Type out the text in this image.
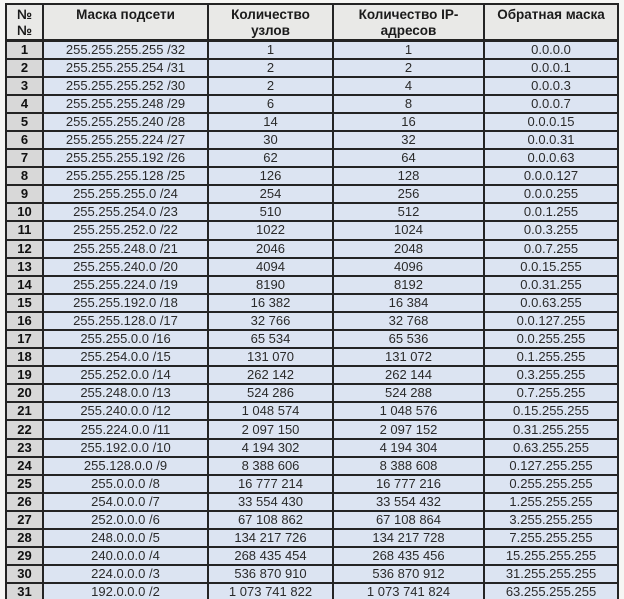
№№	Маска подсети	Количество узлов	Количество IP-адресов	Обратная маска
1	255.255.255.255 /32	1	1	0.0.0.0
2	255.255.255.254 /31	2	2	0.0.0.1
3	255.255.255.252 /30	2	4	0.0.0.3
4	255.255.255.248 /29	6	8	0.0.0.7
5	255.255.255.240 /28	14	16	0.0.0.15
6	255.255.255.224 /27	30	32	0.0.0.31
7	255.255.255.192 /26	62	64	0.0.0.63
8	255.255.255.128 /25	126	128	0.0.0.127
9	255.255.255.0 /24	254	256	0.0.0.255
10	255.255.254.0 /23	510	512	0.0.1.255
11	255.255.252.0 /22	1022	1024	0.0.3.255
12	255.255.248.0 /21	2046	2048	0.0.7.255
13	255.255.240.0 /20	4094	4096	0.0.15.255
14	255.255.224.0 /19	8190	8192	0.0.31.255
15	255.255.192.0 /18	16 382	16 384	0.0.63.255
16	255.255.128.0 /17	32 766	32 768	0.0.127.255
17	255.255.0.0 /16	65 534	65 536	0.0.255.255
18	255.254.0.0 /15	131 070	131 072	0.1.255.255
19	255.252.0.0 /14	262 142	262 144	0.3.255.255
20	255.248.0.0 /13	524 286	524 288	0.7.255.255
21	255.240.0.0 /12	1 048 574	1 048 576	0.15.255.255
22	255.224.0.0 /11	2 097 150	2 097 152	0.31.255.255
23	255.192.0.0 /10	4 194 302	4 194 304	0.63.255.255
24	255.128.0.0 /9	8 388 606	8 388 608	0.127.255.255
25	255.0.0.0 /8	16 777 214	16 777 216	0.255.255.255
26	254.0.0.0 /7	33 554 430	33 554 432	1.255.255.255
27	252.0.0.0 /6	67 108 862	67 108 864	3.255.255.255
28	248.0.0.0 /5	134 217 726	134 217 728	7.255.255.255
29	240.0.0.0 /4	268 435 454	268 435 456	15.255.255.255
30	224.0.0.0 /3	536 870 910	536 870 912	31.255.255.255
31	192.0.0.0 /2	1 073 741 822	1 073 741 824	63.255.255.255
